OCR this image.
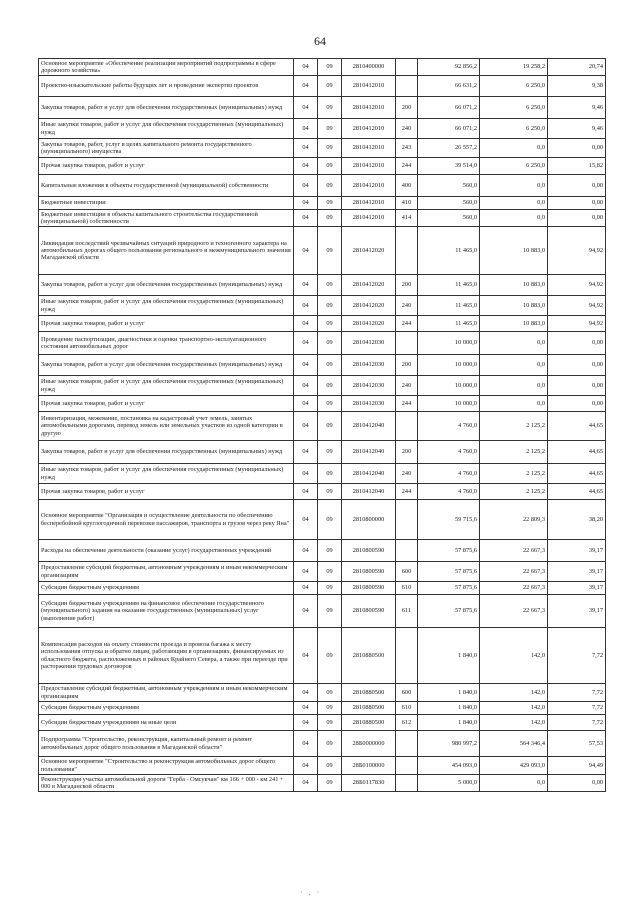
64
Основное мероприятие «Обеспечение реализации мероприятий подпрограммы в сфере дорожного хозяйства»	04	09	2810400000		92 856,2	19 258,2	20,74
Проектно-изыскательские работы будущих лет и проведение экспертиз проектов	04	09	2810412010		66 631,2	6 250,0	9,38
Закупка товаров, работ и услуг для обеспечения государственных (муниципальных) нужд	04	09	2810412010	200	66 071,2	6 250,0	9,46
Иные закупки товаров, работ и услуг для обеспечения государственных (муниципальных) нужд	04	09	2810412010	240	66 071,2	6 250,0	9,46
Закупка товаров, работ, услуг в целях капитального ремонта государственного (муниципального) имущества	04	09	2810412010	243	26 557,2	0,0	0,00
Прочая закупка товаров, работ и услуг	04	09	2810412010	244	39 514,0	6 250,0	15,82
Капитальные вложения в объекты государственной (муниципальной) собственности	04	09	2810412010	400	560,0	0,0	0,00
Бюджетные инвестиции	04	09	2810412010	410	560,0	0,0	0,00
Бюджетные инвестиции в объекты капитального строительства государственной (муниципальной) собственности	04	09	2810412010	414	560,0	0,0	0,00
Ликвидация последствий чрезвычайных ситуаций природного и техногенного характера на автомобильных дорогах общего пользования регионального и межмуниципального значения Магаданской области	04	09	2810412020		11 465,0	10 883,0	94,92
Закупка товаров, работ и услуг для обеспечения государственных (муниципальных) нужд	04	09	2810412020	200	11 465,0	10 883,0	94,92
Иные закупки товаров, работ и услуг для обеспечения государственных (муниципальных) нужд	04	09	2810412020	240	11 465,0	10 883,0	94,92
Прочая закупка товаров, работ и услуг	04	09	2810412020	244	11 465,0	10 883,0	94,92
Проведение паспортизации, диагностики и оценки транспортно-эксплуатационного состояния автомобильных дорог	04	09	2810412030		10 000,0	0,0	0,00
Закупка товаров, работ и услуг для обеспечения государственных (муниципальных) нужд	04	09	2810412030	200	10 000,0	0,0	0,00
Иные закупки товаров, работ и услуг для обеспечения государственных (муниципальных) нужд	04	09	2810412030	240	10 000,0	0,0	0,00
Прочая закупка товаров, работ и услуг	04	09	2810412030	244	10 000,0	0,0	0,00
Инвентаризация, межевание, постановка на кадастровый учет земель, занятых автомобильными дорогами, перевод земель или земельных участков из одной категории в другую	04	09	2810412040		4 760,0	2 125,2	44,65
Закупка товаров, работ и услуг для обеспечения государственных (муниципальных) нужд	04	09	2810412040	200	4 760,0	2 125,2	44,65
Иные закупки товаров, работ и услуг для обеспечения государственных (муниципальных) нужд	04	09	2810412040	240	4 760,0	2 125,2	44,65
Прочая закупка товаров, работ и услуг	04	09	2810412040	244	4 760,0	2 125,2	44,65
Основное мероприятие "Организация и осуществление деятельности по обеспечению бесперебойной круглогодичной перевозки пассажиров, транспорта и грузов через реку Яна"	04	09	2810800000		59 715,6	22 809,3	38,20
Расходы на обеспечение деятельности (оказание услуг) государственных учреждений	04	09	2810800590		57 875,6	22 667,3	39,17
Предоставление субсидий бюджетным, автономным учреждениям и иным некоммерческим организациям	04	09	2810800590	600	57 875,6	22 667,3	39,17
Субсидии бюджетным учреждениям	04	09	2810800590	610	57 875,6	22 667,3	39,17
Субсидии бюджетным учреждениям на финансовое обеспечение государственного (муниципального) задания на оказание государственных (муниципальных) услуг (выполнение работ)	04	09	2810800590	611	57 875,6	22 667,3	39,17
Компенсация расходов на оплату стоимости проезда и провоза багажа к месту использования отпуска и обратно лицам, работающим в организациях, финансируемых из областного бюджета, расположенных в районах Крайнего Севера, а также при переезде при расторжении трудовых договоров	04	09	2810880500		1 840,0	142,0	7,72
Предоставление субсидий бюджетным, автономным учреждениям и иным некоммерческим организациям	04	09	2810880500	600	1 840,0	142,0	7,72
Субсидии бюджетным учреждениям	04	09	2810880500	610	1 840,0	142,0	7,72
Субсидии бюджетным учреждениям на иные цели	04	09	2810880500	612	1 840,0	142,0	7,72
Подпрограмма "Строительство, реконструкция, капитальный ремонт и ремонт автомобильных дорог общего пользования в Магаданской области"	04	09	28Б0000000		980 997,2	564 346,4	57,53
Основное мероприятие "Строительство и реконструкция автомобильных дорог общего пользования"	04	09	28Б0100000		454 093,0	429 093,0	94,49
Реконструкция участка автомобильной дороги "Герба - Омсукчан" км 166 + 000 - км 241 + 000 в Магаданской области	04	09	28Б0117830		5 000,0	0,0	0,00
· . ·
